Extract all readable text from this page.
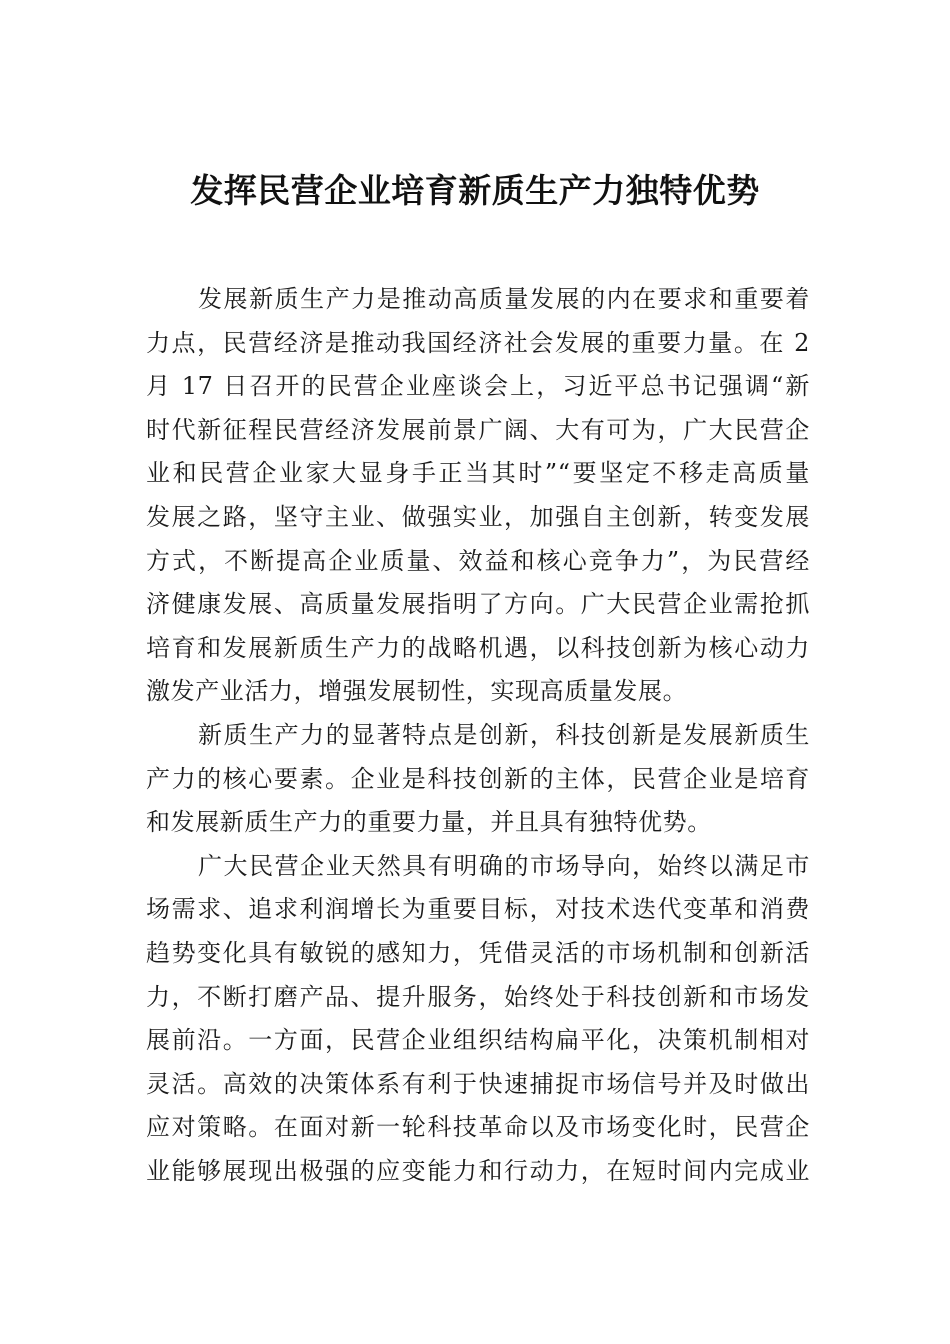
发挥民营企业培育新质生产力独特优势
发展新质生产力是推动高质量发展的内在要求和重要着
力点，民营经济是推动我国经济社会发展的重要力量。在 2
月 17 日召开的民营企业座谈会上，习近平总书记强调“新
时代新征程民营经济发展前景广阔、大有可为，广大民营企
业和民营企业家大显身手正当其时”“要坚定不移走高质量
发展之路，坚守主业、做强实业，加强自主创新，转变发展
方式，不断提高企业质量、效益和核心竞争力”，为民营经
济健康发展、高质量发展指明了方向。广大民营企业需抢抓
培育和发展新质生产力的战略机遇，以科技创新为核心动力
激发产业活力，增强发展韧性，实现高质量发展。
新质生产力的显著特点是创新，科技创新是发展新质生
产力的核心要素。企业是科技创新的主体，民营企业是培育
和发展新质生产力的重要力量，并且具有独特优势。
广大民营企业天然具有明确的市场导向，始终以满足市
场需求、追求利润增长为重要目标，对技术迭代变革和消费
趋势变化具有敏锐的感知力，凭借灵活的市场机制和创新活
力，不断打磨产品、提升服务，始终处于科技创新和市场发
展前沿。一方面，民营企业组织结构扁平化，决策机制相对
灵活。高效的决策体系有利于快速捕捉市场信号并及时做出
应对策略。在面对新一轮科技革命以及市场变化时，民营企
业能够展现出极强的应变能力和行动力，在短时间内完成业
